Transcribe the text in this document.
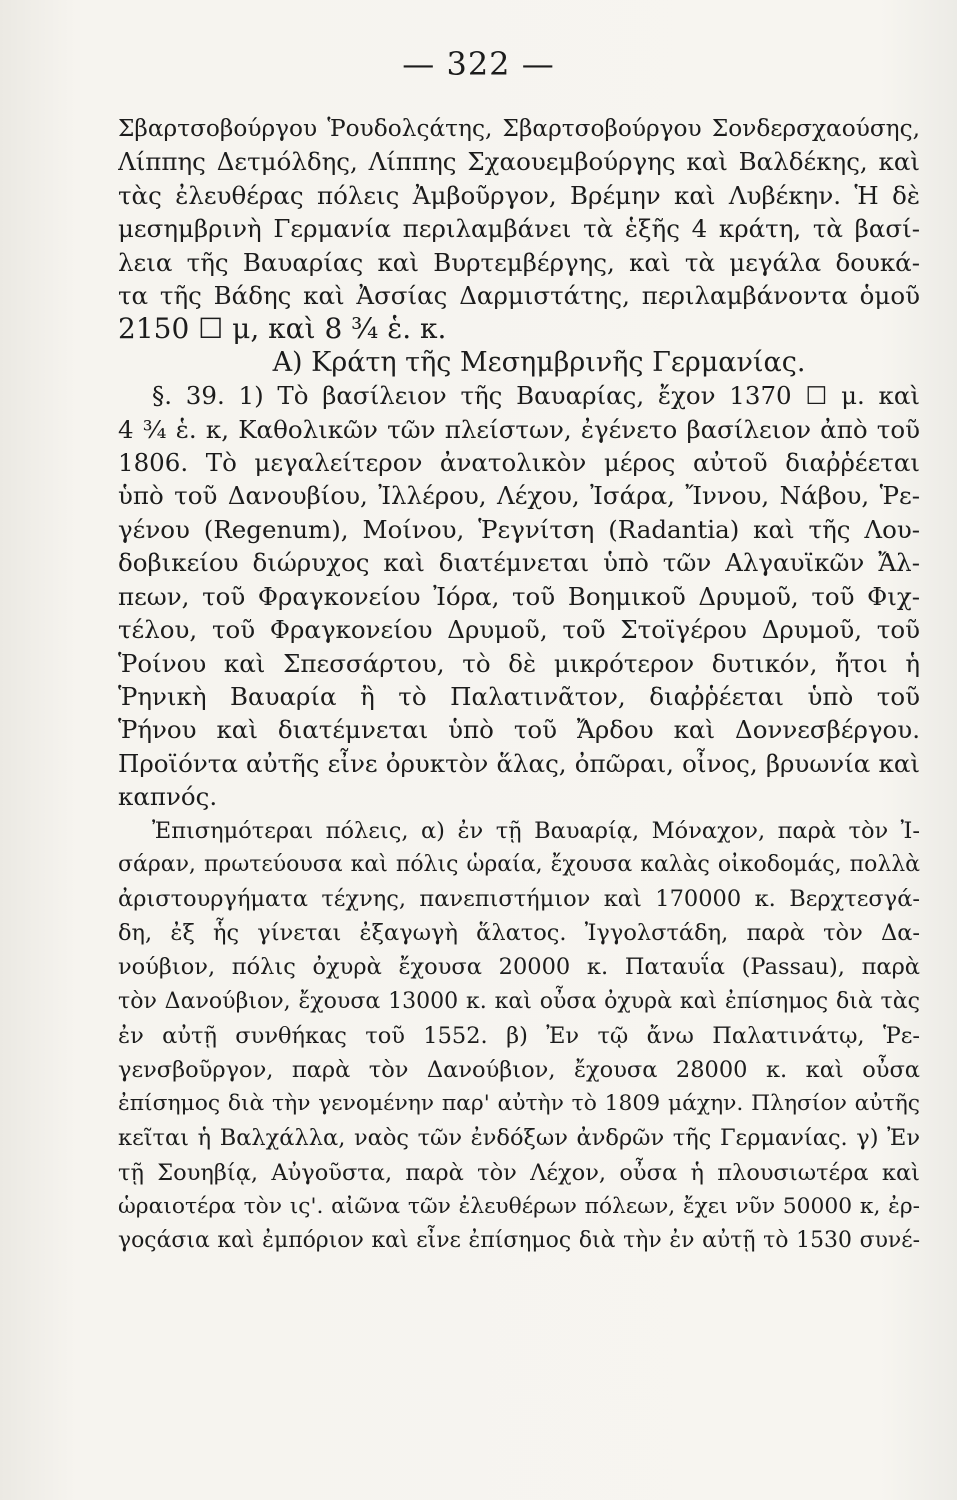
— 322 —
Σβαρτσοβούργου Ῥουδολςάτης, Σβαρτσοβούργου Σονδερσχαούσης,
Λίππης Δετμόλδης, Λίππης Σχαουεμβούργης καὶ Βαλδέκης, καὶ
τὰς ἐλευθέρας πόλεις Ἀμβοῦργον, Βρέμην καὶ Λυβέκην. Ἡ δὲ
μεσημβρινὴ Γερμανία περιλαμβάνει τὰ ἑξῆς 4 κράτη, τὰ βασί-
λεια τῆς Βαυαρίας καὶ Βυρτεμβέργης, καὶ τὰ μεγάλα δουκά-
τα τῆς Βάδης καὶ Ἀσσίας Δαρμιστάτης, περιλαμβάνοντα ὁμοῦ
2150 ☐ μ, καὶ 8 ¾ ἑ. κ.
Α) Κράτη τῆς Μεσημβρινῆς Γερμανίας.
§. 39. 1) Τὸ βασίλειον τῆς Βαυαρίας, ἔχον 1370 ☐ μ. καὶ
4 ¾ ἑ. κ, Καθολικῶν τῶν πλείστων, ἐγένετο βασίλειον ἀπὸ τοῦ
1806. Τὸ μεγαλείτερον ἀνατολικὸν μέρος αὐτοῦ διαῤῥέεται
ὑπὸ τοῦ Δανουβίου, Ἰλλέρου, Λέχου, Ἰσάρα, Ἴννου, Νάβου, Ῥε-
γένου (Regenum), Μοίνου, Ῥεγνίτση (Radantia) καὶ τῆς Λου-
δοβικείου διώρυχος καὶ διατέμνεται ὑπὸ τῶν Αλγαυϊκῶν Ἄλ-
πεων, τοῦ Φραγκονείου Ἰόρα, τοῦ Βοημικοῦ Δρυμοῦ, τοῦ Φιχ-
τέλου, τοῦ Φραγκονείου Δρυμοῦ, τοῦ Στοϊγέρου Δρυμοῦ, τοῦ
Ῥοίνου καὶ Σπεσσάρτου, τὸ δὲ μικρότερον δυτικόν, ἤτοι ἡ
Ῥηνικὴ Βαυαρία ἢ τὸ Παλατινᾶτον, διαῤῥέεται ὑπὸ τοῦ
Ῥήνου καὶ διατέμνεται ὑπὸ τοῦ Ἄρδου καὶ Δοννεσβέργου.
Προϊόντα αὐτῆς εἶνε ὀρυκτὸν ἅλας, ὀπῶραι, οἶνος, βρυωνία καὶ
καπνός.
Ἐπισημότεραι πόλεις, α) ἐν τῇ Βαυαρίᾳ, Μόναχον, παρὰ τὸν Ἰ-
σάραν, πρωτεύουσα καὶ πόλις ὡραία, ἔχουσα καλὰς οἰκοδομάς, πολλὰ
ἀριστουργήματα τέχνης, πανεπιστήμιον καὶ 170000 κ. Βερχτεσγά-
δη, ἐξ ἧς γίνεται ἐξαγωγὴ ἅλατος. Ἰγγολστάδη, παρὰ τὸν Δα-
νούβιον, πόλις ὀχυρὰ ἔχουσα 20000 κ. Παταυΐα (Passau), παρὰ
τὸν Δανούβιον, ἔχουσα 13000 κ. καὶ οὖσα ὀχυρὰ καὶ ἐπίσημος διὰ τὰς
ἐν αὐτῇ συνθήκας τοῦ 1552. β) Ἐν τῷ ἄνω Παλατινάτῳ, Ῥε-
γενσβοῦργον, παρὰ τὸν Δανούβιον, ἔχουσα 28000 κ. καὶ οὖσα
ἐπίσημος διὰ τὴν γενομένην παρ' αὐτὴν τὸ 1809 μάχην. Πλησίον αὐτῆς
κεῖται ἡ Βαλχάλλα, ναὸς τῶν ἐνδόξων ἀνδρῶν τῆς Γερμανίας. γ) Ἐν
τῇ Σουηβίᾳ, Αὐγοῦστα, παρὰ τὸν Λέχον, οὖσα ἡ πλουσιωτέρα καὶ
ὡραιοτέρα τὸν ις'. αἰῶνα τῶν ἐλευθέρων πόλεων, ἔχει νῦν 50000 κ, ἐρ-
γοςάσια καὶ ἐμπόριον καὶ εἶνε ἐπίσημος διὰ τὴν ἐν αὐτῇ τὸ 1530 συνέ-
